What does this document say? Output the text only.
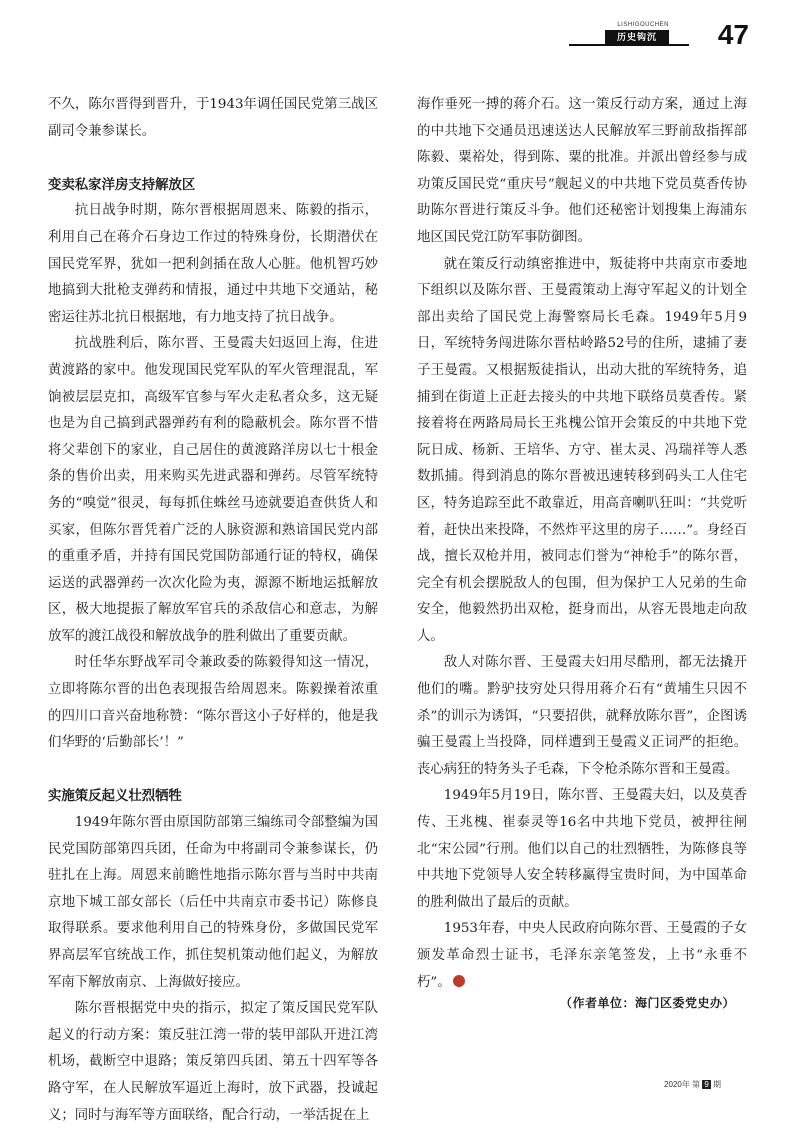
LISHIGOUCHEN
历史钩沉	47

不久，陈尔晋得到晋升，于1943年调任国民党第三战区副司令兼参谋长。

变卖私家洋房支持解放区

抗日战争时期，陈尔晋根据周恩来、陈毅的指示，利用自己在蒋介石身边工作过的特殊身份，长期潜伏在国民党军界，犹如一把利剑插在敌人心脏。他机智巧妙地搞到大批枪支弹药和情报，通过中共地下交通站，秘密运往苏北抗日根据地，有力地支持了抗日战争。

抗战胜利后，陈尔晋、王曼霞夫妇返回上海，住进黄渡路的家中。他发现国民党军队的军火管理混乱，军饷被层层克扣，高级军官参与军火走私者众多，这无疑也是为自己搞到武器弹药有利的隐蔽机会。陈尔晋不惜将父辈创下的家业，自己居住的黄渡路洋房以七十根金条的售价出卖，用来购买先进武器和弹药。尽管军统特务的“嗅觉”很灵，每每抓住蛛丝马迹就要追查供货人和买家，但陈尔晋凭着广泛的人脉资源和熟谙国民党内部的重重矛盾，并持有国民党国防部通行证的特权，确保运送的武器弹药一次次化险为夷，源源不断地运抵解放区，极大地提振了解放军官兵的杀敌信心和意志，为解放军的渡江战役和解放战争的胜利做出了重要贡献。

时任华东野战军司令兼政委的陈毅得知这一情况，立即将陈尔晋的出色表现报告给周恩来。陈毅操着浓重的四川口音兴奋地称赞：“陈尔晋这小子好样的，他是我们华野的‘后勤部长’！”

实施策反起义壮烈牺牲

1949年陈尔晋由原国防部第三编练司令部整编为国民党国防部第四兵团，任命为中将副司令兼参谋长，仍驻扎在上海。周恩来前瞻性地指示陈尔晋与当时中共南京地下城工部女部长（后任中共南京市委书记）陈修良取得联系。要求他利用自己的特殊身份，多做国民党军界高层军官统战工作，抓住契机策动他们起义，为解放军南下解放南京、上海做好接应。

陈尔晋根据党中央的指示，拟定了策反国民党军队起义的行动方案：策反驻江湾一带的装甲部队开进江湾机场，截断空中退路；策反第四兵团、第五十四军等各路守军，在人民解放军逼近上海时，放下武器，投诚起义；同时与海军等方面联络，配合行动，一举活捉在上

海作垂死一搏的蒋介石。这一策反行动方案，通过上海的中共地下交通员迅速送达人民解放军三野前敌指挥部陈毅、粟裕处，得到陈、粟的批准。并派出曾经参与成功策反国民党“重庆号”舰起义的中共地下党员莫香传协助陈尔晋进行策反斗争。他们还秘密计划搜集上海浦东地区国民党江防军事防御图。

就在策反行动缜密推进中，叛徒将中共南京市委地下组织以及陈尔晋、王曼霞策动上海守军起义的计划全部出卖给了国民党上海警察局长毛森。1949年5月9日，军统特务闯进陈尔晋枯岭路52号的住所，逮捕了妻子王曼霞。又根据叛徒指认，出动大批的军统特务，追捕到在街道上正赶去接头的中共地下联络员莫香传。紧接着将在两路局局长王兆槐公馆开会策反的中共地下党阮日成、杨新、王培华、方守、崔太灵、冯瑞祥等人悉数抓捕。得到消息的陈尔晋被迅速转移到码头工人住宅区，特务追踪至此不敢靠近，用高音喇叭狂叫：“共党听着，赶快出来投降，不然炸平这里的房子……”。身经百战，擅长双枪并用，被同志们誉为“神枪手”的陈尔晋，完全有机会摆脱敌人的包围，但为保护工人兄弟的生命安全，他毅然扔出双枪，挺身而出，从容无畏地走向敌人。

敌人对陈尔晋、王曼霞夫妇用尽酷刑，都无法撬开他们的嘴。黔驴技穷处只得用蒋介石有“黄埔生只因不杀”的训示为诱饵，“只要招供，就释放陈尔晋”，企图诱骗王曼霞上当投降，同样遭到王曼霞义正词严的拒绝。丧心病狂的特务头子毛森，下令枪杀陈尔晋和王曼霞。

1949年5月19日，陈尔晋、王曼霞夫妇，以及莫香传、王兆槐、崔泰灵等16名中共地下党员，被押往闸北“宋公园”行刑。他们以自己的壮烈牺牲，为陈修良等中共地下党领导人安全转移赢得宝贵时间，为中国革命的胜利做出了最后的贡献。

1953年春，中央人民政府向陈尔晋、王曼霞的子女颁发革命烈士证书，毛泽东亲笔签发，上书“永垂不朽”。

（作者单位：海门区委党史办）
2020年 第 9 期
